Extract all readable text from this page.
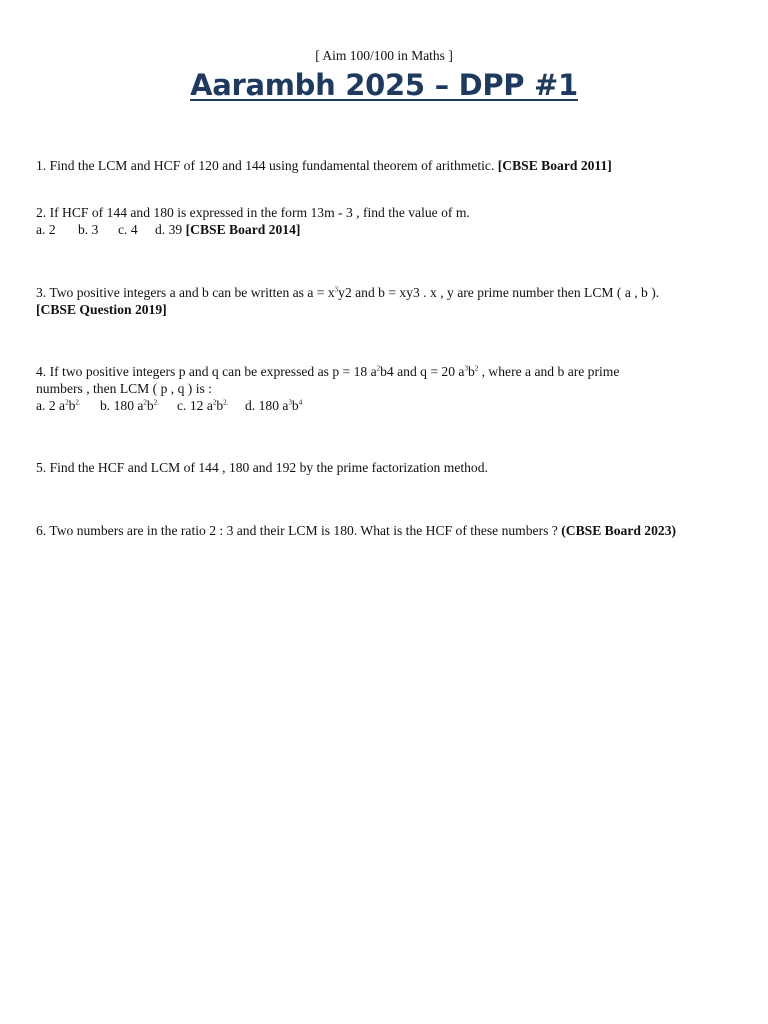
[ Aim 100/100 in Maths ]
Aarambh 2025 – DPP #1
1. Find the LCM and HCF of 120 and 144 using fundamental theorem of arithmetic. [CBSE Board 2011]
2. If HCF of 144 and 180 is expressed in the form 13m - 3 , find the value of m.
a. 2 b. 3 c. 4 d. 39 [CBSE Board 2014]
3. Two positive integers a and b can be written as $a = x^3y2$ and b = xy3 . x , y are prime number then LCM ( a , b ).
[CBSE Question 2019]
4. If two positive integers p and q can be expressed as p = 18 $a^2b4$ and q = 20 $a^3b^2$ , where a and b are prime
numbers , then LCM ( p , q ) is :
a. 2 $a^2b^{2.}$ b. 180 $a^2b^{2.}$ c. 12 $a^2b^{2.}$ d. 180 $a^3b^4$
5. Find the HCF and LCM of 144 , 180 and 192 by the prime factorization method.
6. Two numbers are in the ratio 2 : 3 and their LCM is 180. What is the HCF of these numbers ? (CBSE Board 2023)
